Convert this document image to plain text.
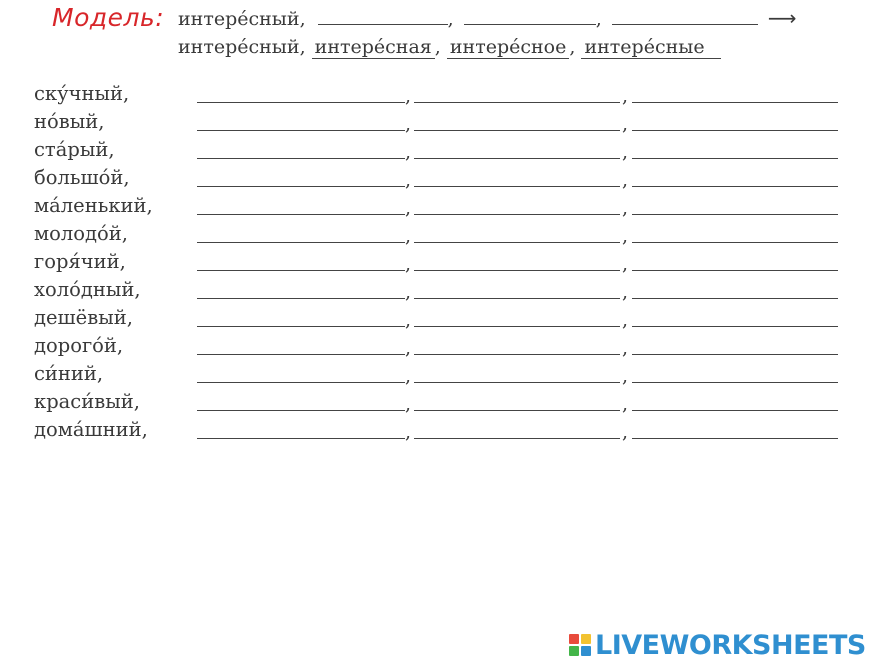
Модель: интере́сный,	,	,	⟶
интере́сный, интере́сная , интере́сное , интере́сные
ску́чный,	,	,
но́вый,	,	,
ста́рый,	,	,
большо́й,	,	,
ма́ленький,	,	,
молодо́й,	,	,
горя́чий,	,	,
холо́дный,	,	,
дешёвый,	,	,
дорого́й,	,	,
си́ний,	,	,
краси́вый,	,	,
дома́шний,	,	,
LIVEWORKSHEETS
